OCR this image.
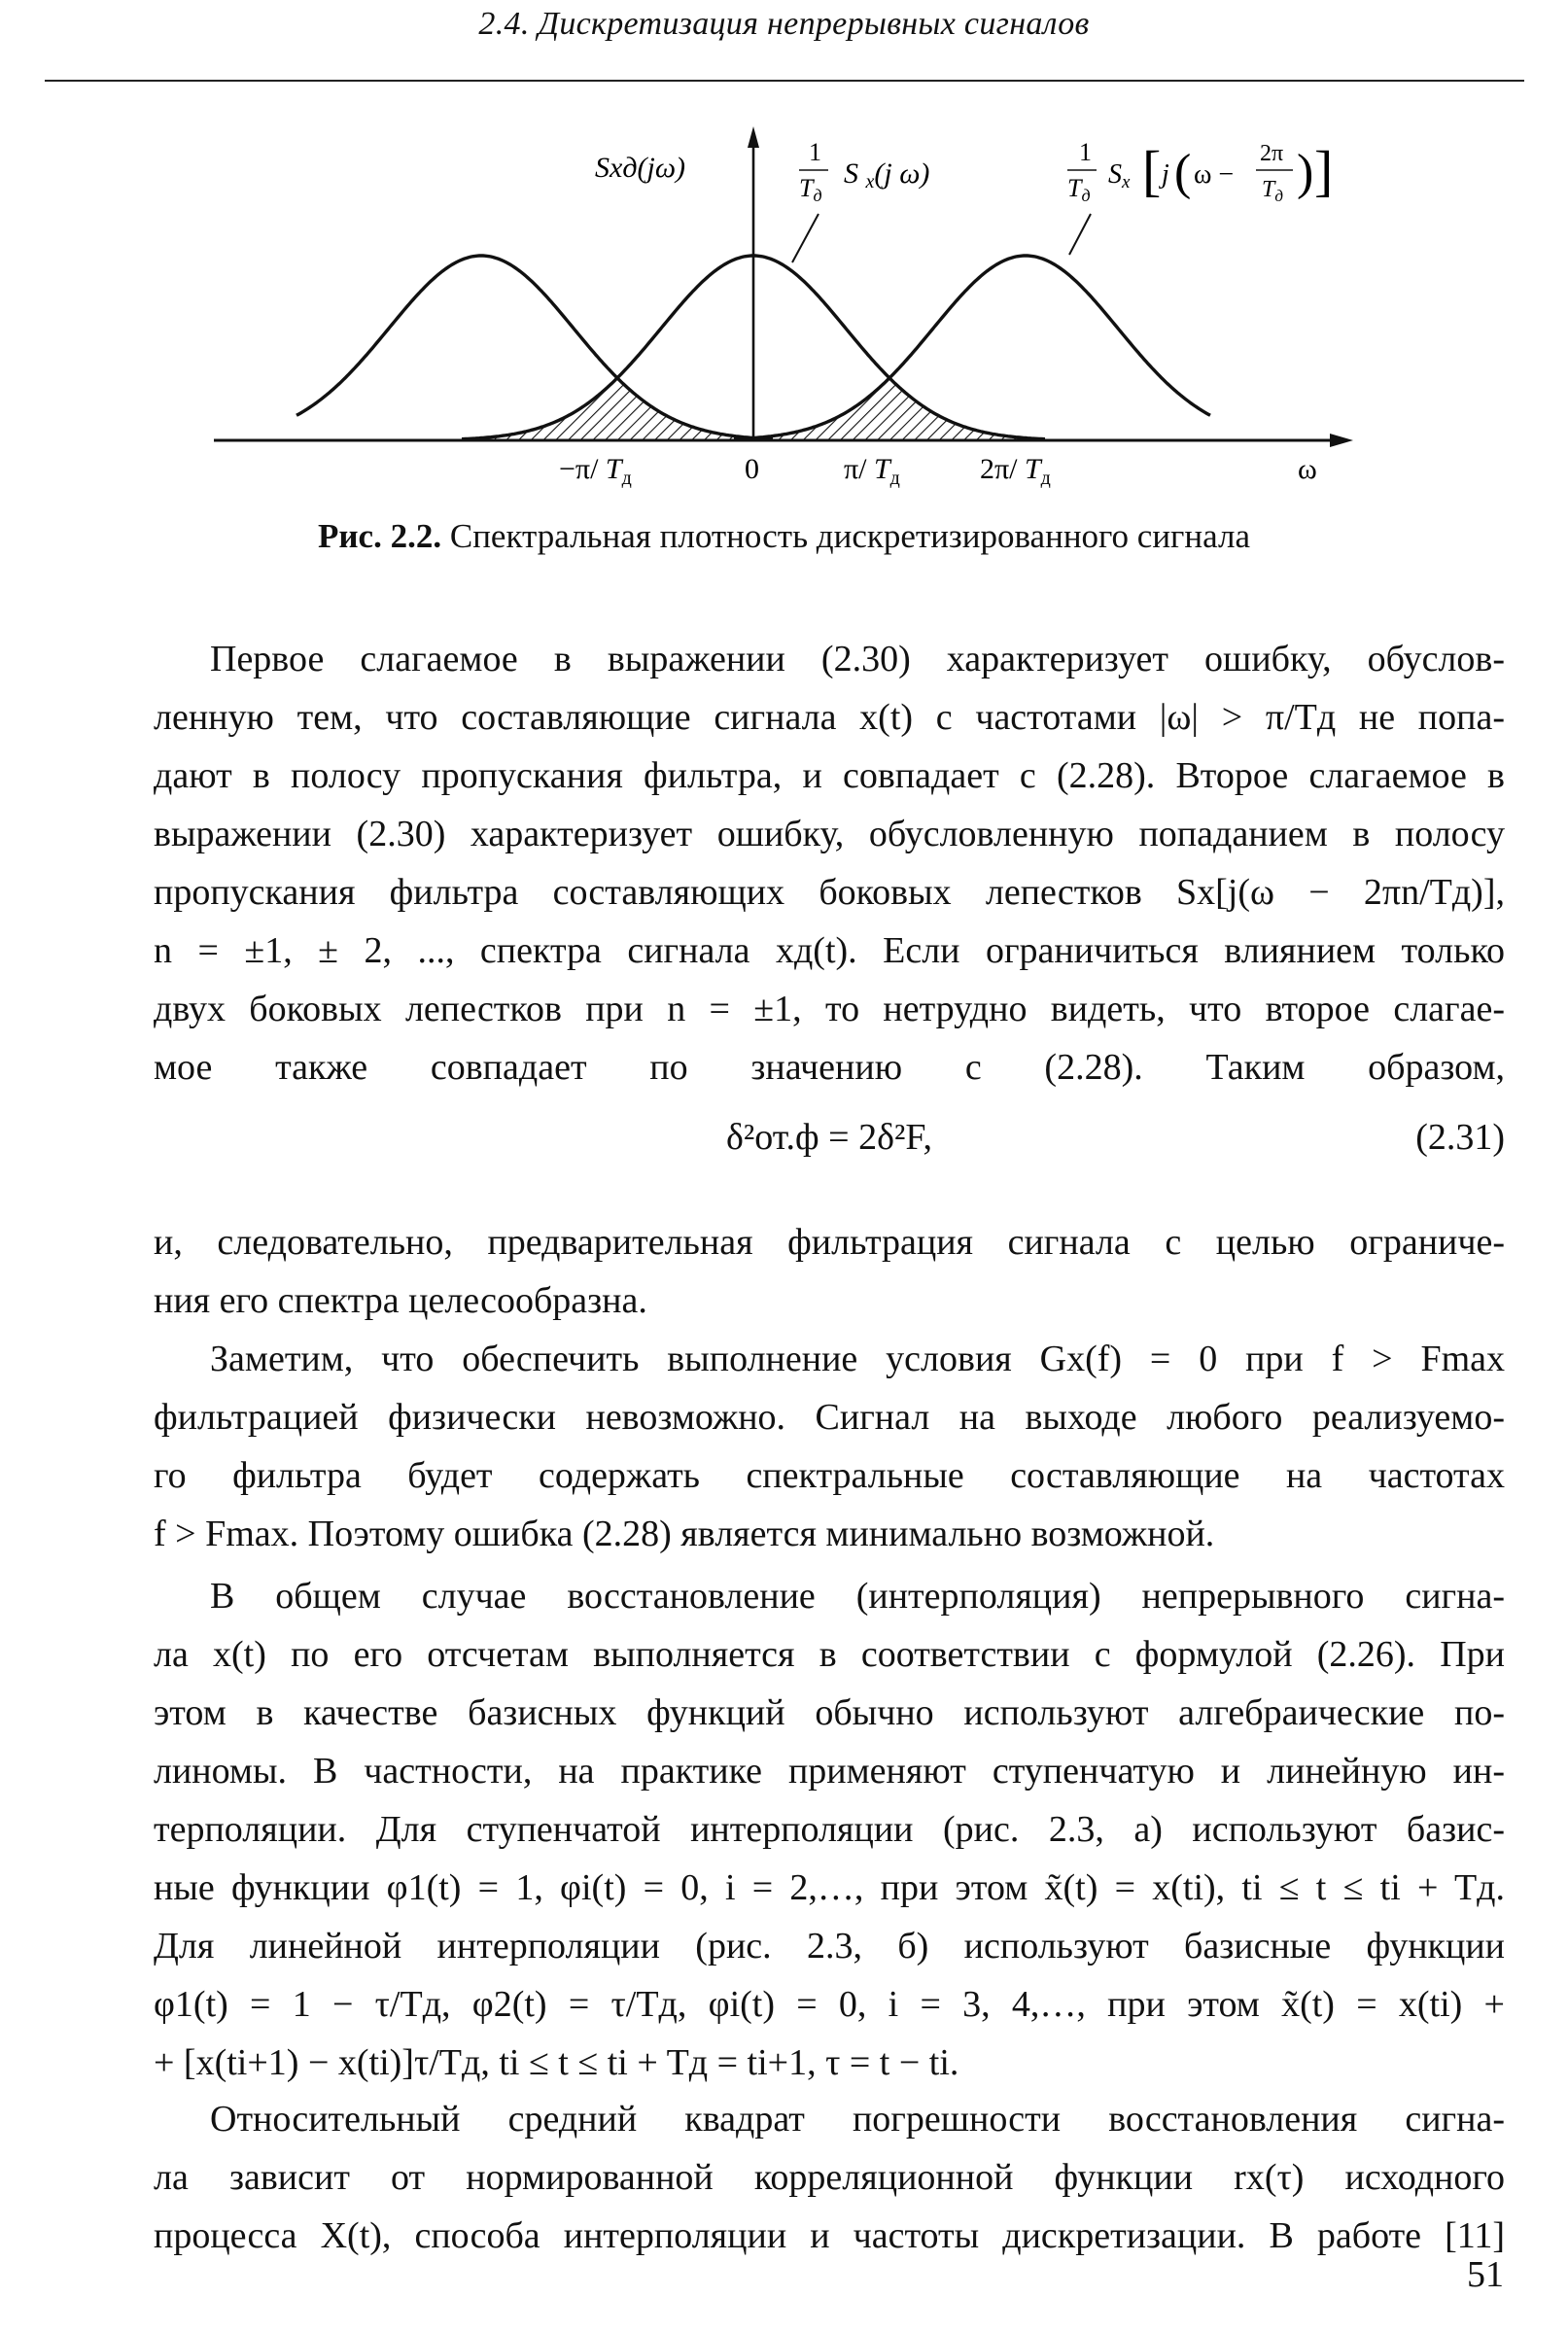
2.4. Дискретизация непрерывных сигналов
Sхд(jω)	1
Tд
S х(j ω)
1
Tд
Sx [ j ( ω −
2π
$T_д$ ) ]
−π/ $T_д$	0	π/ $T_д$	2π/ $T_д$	ω
Рис. 2.2. Спектральная плотность дискретизированного сигнала
Первое слагаемое в выражении (2.30) характеризует ошибку, обуслов-
ленную тем, что составляющие сигнала x(t) с частотами |ω| > π/Tд не попа-
дают в полосу пропускания фильтра, и совпадает с (2.28). Второе слагаемое в
выражении (2.30) характеризует ошибку, обусловленную попаданием в полосу
пропускания фильтра составляющих боковых лепестков Sx[j(ω − 2πn/Tд)],
n = ±1, ± 2, ..., спектра сигнала xд(t). Если ограничиться влиянием только
двух боковых лепестков при n = ±1, то нетрудно видеть, что второе слагае-
мое также совпадает по значению с (2.28). Таким образом,
δ²от.ф = 2δ²F,	(2.31)
и, следовательно, предварительная фильтрация сигнала с целью ограниче-
ния его спектра целесообразна.
Заметим, что обеспечить выполнение условия Gx(f) = 0 при f > Fmax
фильтрацией физически невозможно. Сигнал на выходе любого реализуемо-
го фильтра будет содержать спектральные составляющие на частотах
f > Fmax. Поэтому ошибка (2.28) является минимально возможной.
В общем случае восстановление (интерполяция) непрерывного сигна-
ла x(t) по его отсчетам выполняется в соответствии с формулой (2.26). При
этом в качестве базисных функций обычно используют алгебраические по-
линомы. В частности, на практике применяют ступенчатую и линейную ин-
терполяции. Для ступенчатой интерполяции (рис. 2.3, а) используют базис-
ные функции φ1(t) = 1, φi(t) = 0, i = 2,…, при этом x̃(t) = x(ti), ti ≤ t ≤ ti + Tд.
Для линейной интерполяции (рис. 2.3, б) используют базисные функции
φ1(t) = 1 − τ/Tд, φ2(t) = τ/Tд, φi(t) = 0, i = 3, 4,…, при этом x̃(t) = x(ti) +
+ [x(ti+1) − x(ti)]τ/Tд, ti ≤ t ≤ ti + Tд = ti+1, τ = t − ti.
Относительный средний квадрат погрешности восстановления сигна-
ла зависит от нормированной корреляционной функции rx(τ) исходного
процесса X(t), способа интерполяции и частоты дискретизации. В работе [11]
51
